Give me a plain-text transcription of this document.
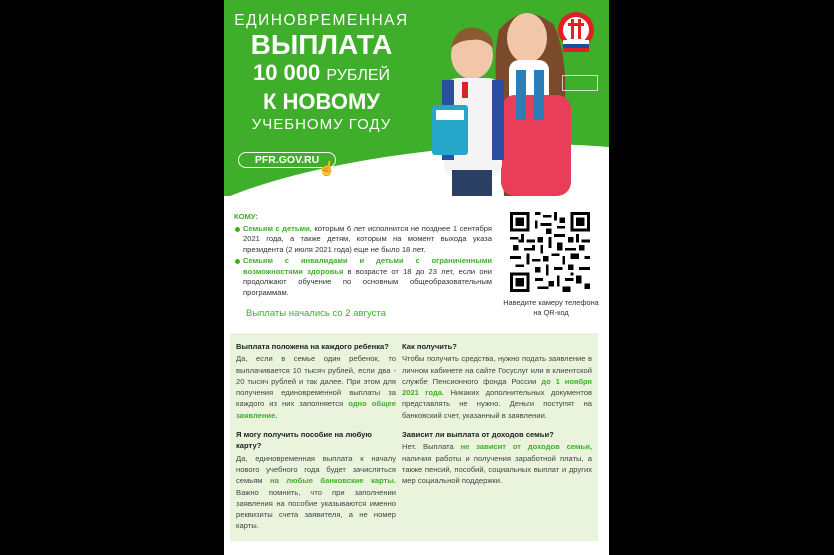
ЕДИНОВРЕМЕННАЯ
ВЫПЛАТА
10 000 РУБЛЕЙ
К НОВОМУ
УЧЕБНОМУ ГОДУ
PFR.GOV.RU
☝
КОМУ:
Семьям с детьми, которым 6 лет исполнится не позднее 1 сентября 2021 года, а также детям, которым на момент выхода указа президента (2 июля 2021 года) еще не было 18 лет.
Семьям с инвалидами и детьми с ограниченными возможностями здоровья в возрасте от 18 до 23 лет, если они продолжают обучение по основным общеобразовательным программам.
Выплаты начались со 2 августа
Наведите камеру телефона на QR-код
Выплата положена на каждого ребенка?
Да, если в семье один ребенок, то выплачивается 10 тысяч рублей, если два - 20 тысяч рублей и так далее. При этом для получения единовременной выплаты за каждого из них заполняется одно общее заявление.
Я могу получить пособие на любую карту?
Да, единовременная выплата к началу нового учебного года будет зачисляться семьям на любые банковские карты. Важно помнить, что при заполнении заявления на пособие указываются именно реквизиты счета заявителя, а не номер карты.
Как получить?
Чтобы получить средства, нужно подать заявление в личном кабинете на сайте Госуслуг или в клиентской службе Пенсионного фонда России до 1 ноября 2021 года. Никаких дополнительных документов представлять не нужно. Деньги поступят на банковский счет, указанный в заявлении.
Зависит ли выплата от доходов семьи?
Нет. Выплата не зависит от доходов семьи, наличия работы и получения заработной платы, а также пенсий, пособий, социальных выплат и других мер социальной поддержки.
